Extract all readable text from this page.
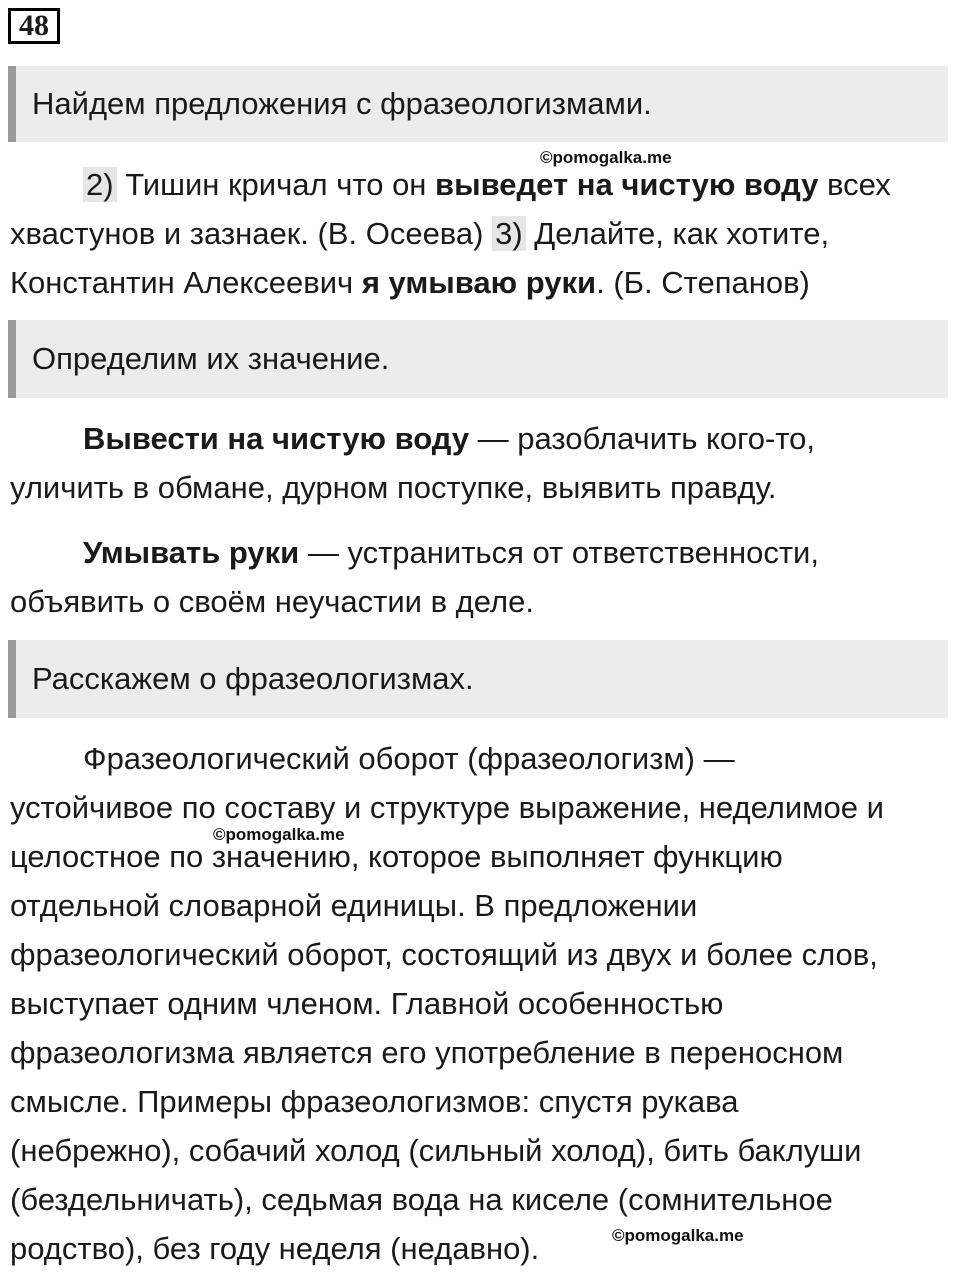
48
Найдем предложения с фразеологизмами.
©pomogalka.me
2) Тишин кричал что он выведет на чистую воду всех
хвастунов и зазнаек. (В. Осеева) 3) Делайте, как хотите,
Константин Алексеевич я умываю руки. (Б. Степанов)
Определим их значение.
Вывести на чистую воду — разоблачить кого-то,
уличить в обмане, дурном поступке, выявить правду.
Умывать руки — устраниться от ответственности,
объявить о своём неучастии в деле.
Расскажем о фразеологизмах.
Фразеологический оборот (фразеологизм) —
устойчивое по составу и структуре выражение, неделимое и
целостное по значению, которое выполняет функцию
отдельной словарной единицы. В предложении
фразеологический оборот, состоящий из двух и более слов,
выступает одним членом. Главной особенностью
фразеологизма является его употребление в переносном
смысле. Примеры фразеологизмов: спустя рукава
(небрежно), собачий холод (сильный холод), бить баклуши
(бездельничать), седьмая вода на киселе (сомнительное
родство), без году неделя (недавно).
©pomogalka.me
©pomogalka.me
